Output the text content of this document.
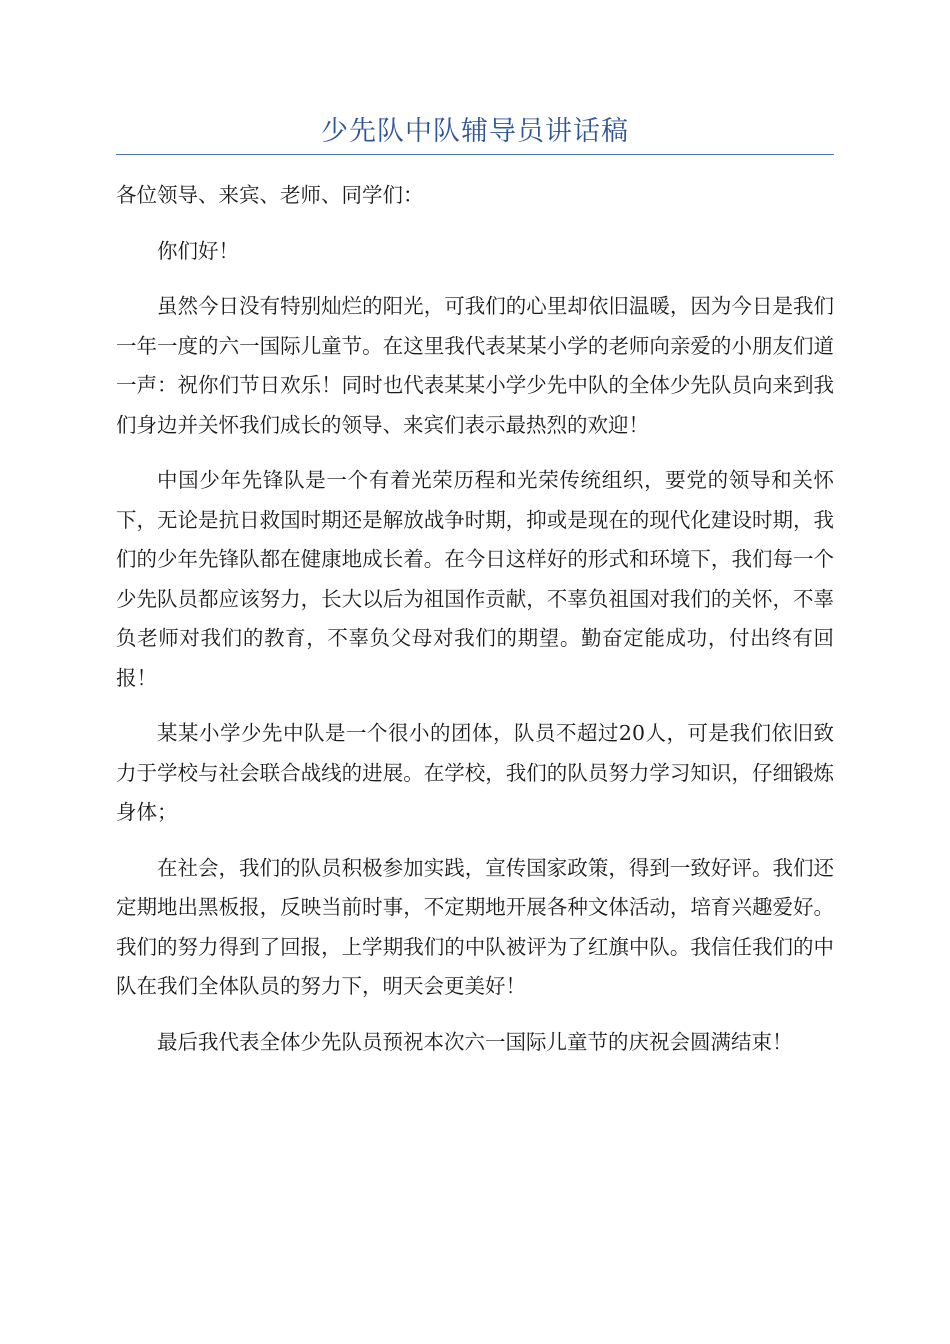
少先队中队辅导员讲话稿

各位领导、来宾、老师、同学们：

你们好！

虽然今日没有特别灿烂的阳光，可我们的心里却依旧温暖，因为今日是我们一年一度的六一国际儿童节。在这里我代表某某小学的老师向亲爱的小朋友们道一声：祝你们节日欢乐！同时也代表某某小学少先中队的全体少先队员向来到我们身边并关怀我们成长的领导、来宾们表示最热烈的欢迎！

中国少年先锋队是一个有着光荣历程和光荣传统组织，要党的领导和关怀下，无论是抗日救国时期还是解放战争时期，抑或是现在的现代化建设时期，我们的少年先锋队都在健康地成长着。在今日这样好的形式和环境下，我们每一个少先队员都应该努力，长大以后为祖国作贡献，不辜负祖国对我们的关怀，不辜负老师对我们的教育，不辜负父母对我们的期望。勤奋定能成功，付出终有回报！

某某小学少先中队是一个很小的团体，队员不超过20人，可是我们依旧致力于学校与社会联合战线的进展。在学校，我们的队员努力学习知识，仔细锻炼身体；

在社会，我们的队员积极参加实践，宣传国家政策，得到一致好评。我们还定期地出黑板报，反映当前时事，不定期地开展各种文体活动，培育兴趣爱好。我们的努力得到了回报，上学期我们的中队被评为了红旗中队。我信任我们的中队在我们全体队员的努力下，明天会更美好！

最后我代表全体少先队员预祝本次六一国际儿童节的庆祝会圆满结束！
